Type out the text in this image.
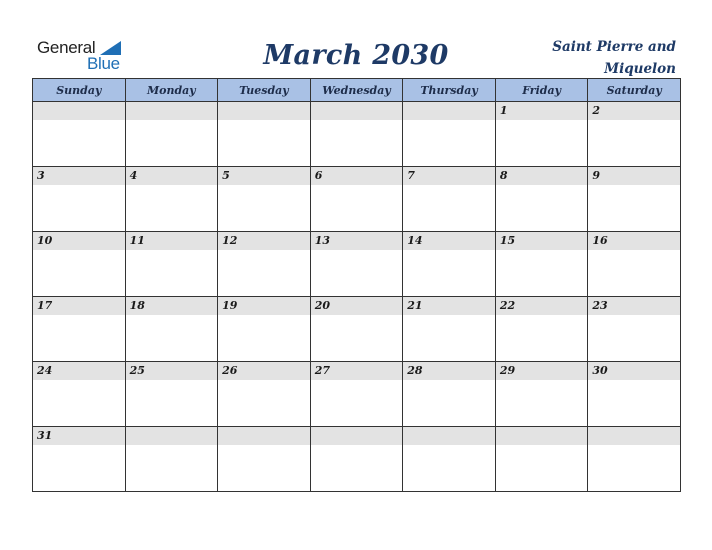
General
Blue	March 2030	Saint Pierre and Miquelon
Sunday	Monday	Tuesday	Wednesday	Thursday	Friday	Saturday

					1	2

3	4	5	6	7	8	9

10	11	12	13	14	15	16

17	18	19	20	21	22	23

24	25	26	27	28	29	30

31						
